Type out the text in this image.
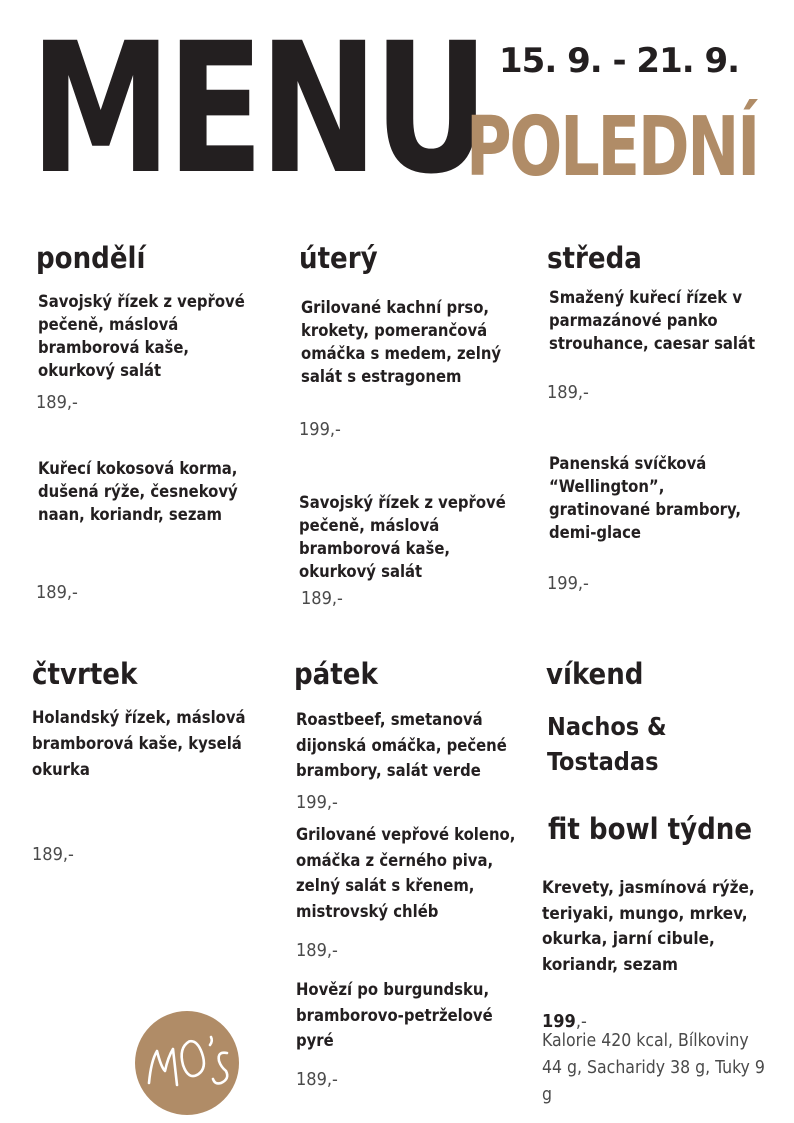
MENU 15. 9. - 21. 9.
POLEDNÍ
pondělí
Savojský řízek z vepřové pečeně, máslová bramborová kaše, okurkový salát
189,-
Kuřecí kokosová korma, dušená rýže, česnekový naan, koriandr, sezam
189,-
úterý
Grilované kachní prso, krokety, pomerančová omáčka s medem, zelný salát s estragonem
199,-
Savojský řízek z vepřové pečeně, máslová bramborová kaše, okurkový salát
189,-
středa
Smažený kuřecí řízek v parmazánové panko strouhance, caesar salát
189,-
Panenská svíčková “Wellington”, gratinované brambory, demi-glace
199,-
čtvrtek
Holandský řízek, máslová bramborová kaše, kyselá okurka
189,-
pátek
Roastbeef, smetanová dijonská omáčka, pečené brambory, salát verde
199,-
Grilované vepřové koleno, omáčka z černého piva, zelný salát s křenem, mistrovský chléb
189,-
Hovězí po burgundsku, bramborovo-petrželové pyré
189,-
víkend
Nachos & Tostadas
fit bowl týdne
Krevety, jasmínová rýže, teriyaki, mungo, mrkev, okurka, jarní cibule, koriandr, sezam
199,-
Kalorie 420 kcal, Bílkoviny 44 g, Sacharidy 38 g, Tuky 9 g
